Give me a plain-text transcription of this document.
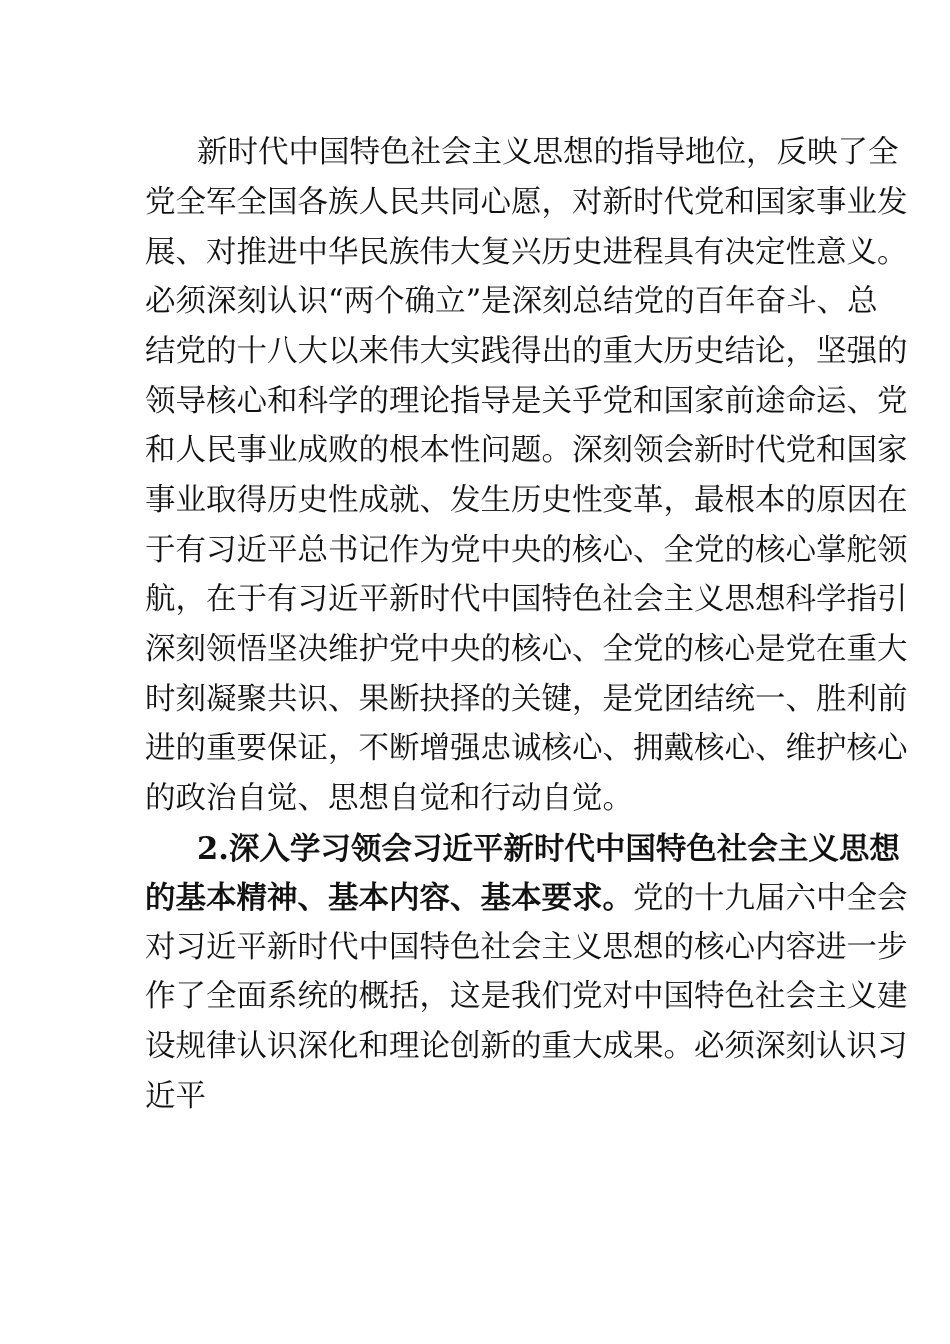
新时代中国特色社会主义思想的指导地位，反映了全
党全军全国各族人民共同心愿，对新时代党和国家事业发
展、对推进中华民族伟大复兴历史进程具有决定性意义。
必须深刻认识“两个确立”是深刻总结党的百年奋斗、总
结党的十八大以来伟大实践得出的重大历史结论，坚强的
领导核心和科学的理论指导是关乎党和国家前途命运、党
和人民事业成败的根本性问题。深刻领会新时代党和国家
事业取得历史性成就、发生历史性变革，最根本的原因在
于有习近平总书记作为党中央的核心、全党的核心掌舵领
航，在于有习近平新时代中国特色社会主义思想科学指引
深刻领悟坚决维护党中央的核心、全党的核心是党在重大
时刻凝聚共识、果断抉择的关键，是党团结统一、胜利前
进的重要保证，不断增强忠诚核心、拥戴核心、维护核心
的政治自觉、思想自觉和行动自觉。
2.深入学习领会习近平新时代中国特色社会主义思想
的基本精神、基本内容、基本要求。党的十九届六中全会
对习近平新时代中国特色社会主义思想的核心内容进一步
作了全面系统的概括，这是我们党对中国特色社会主义建
设规律认识深化和理论创新的重大成果。必须深刻认识习
近平
